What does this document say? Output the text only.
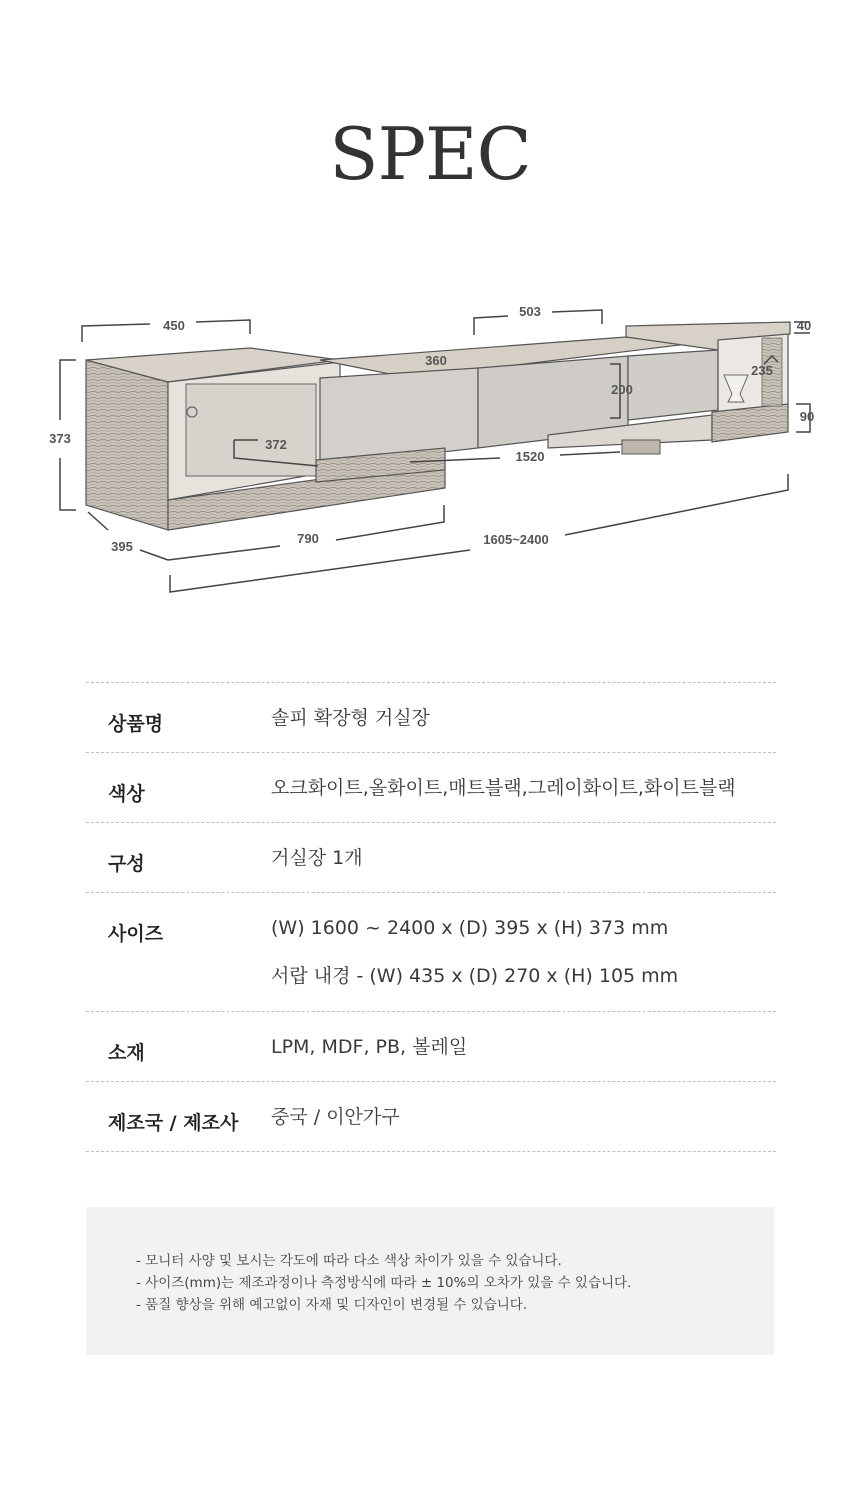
SPEC
450
503
40
360
373	372
200
235
90
1520
395
790	1605~2400
상품명	솔피 확장형 거실장
색상	오크화이트,올화이트,매트블랙,그레이화이트,화이트블랙
구성	거실장 1개
사이즈	(W) 1600 ~ 2400 x (D) 395 x (H) 373 mm
서랍 내경 - (W) 435 x (D) 270 x (H) 105 mm
소재	LPM, MDF, PB, 볼레일
제조국 / 제조사	중국 / 이안가구
- 모니터 사양 및 보시는 각도에 따라 다소 색상 차이가 있을 수 있습니다.
- 사이즈(mm)는 제조과정이나 측정방식에 따라 ± 10%의 오차가 있을 수 있습니다.
- 품질 향상을 위해 예고없이 자재 및 디자인이 변경될 수 있습니다.
